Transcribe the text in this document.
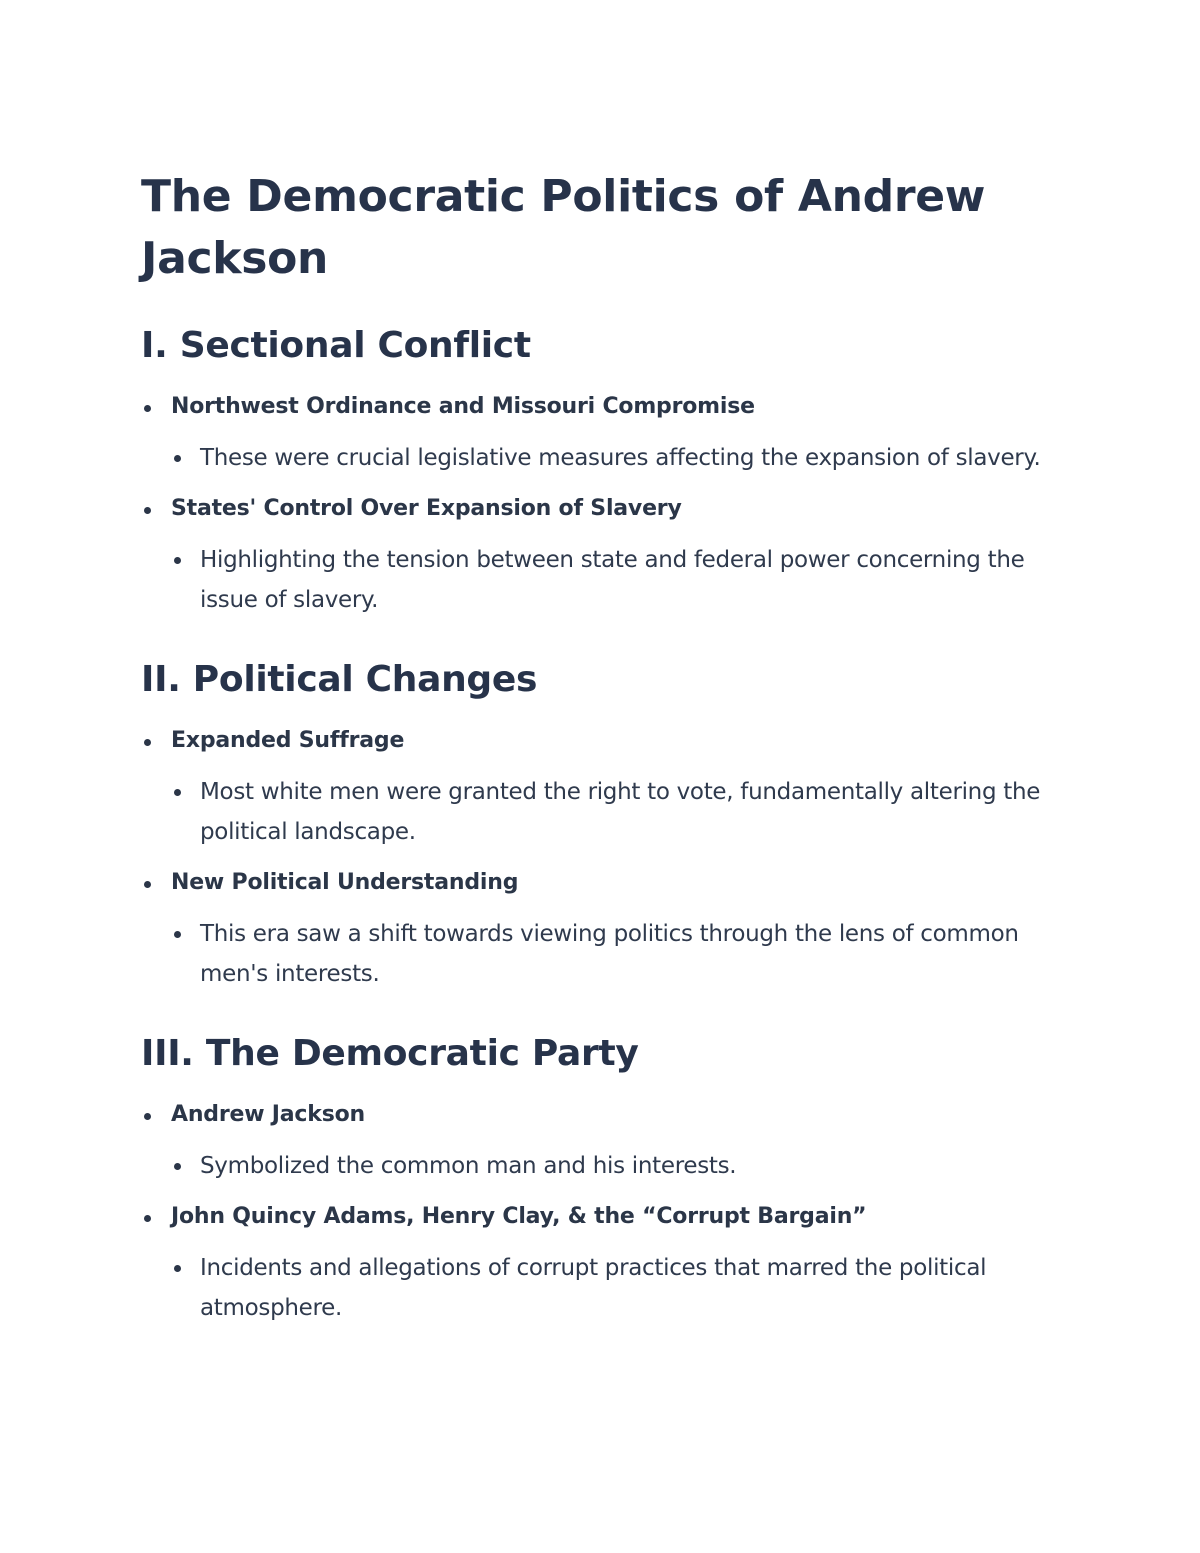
The Democratic Politics of Andrew Jackson
I. Sectional Conflict
Northwest Ordinance and Missouri Compromise
These were crucial legislative measures affecting the expansion of slavery.
States' Control Over Expansion of Slavery
Highlighting the tension between state and federal power concerning the issue of slavery.
II. Political Changes
Expanded Suffrage
Most white men were granted the right to vote, fundamentally altering the political landscape.
New Political Understanding
This era saw a shift towards viewing politics through the lens of common men's interests.
III. The Democratic Party
Andrew Jackson
Symbolized the common man and his interests.
John Quincy Adams, Henry Clay, & the “Corrupt Bargain”
Incidents and allegations of corrupt practices that marred the political atmosphere.
